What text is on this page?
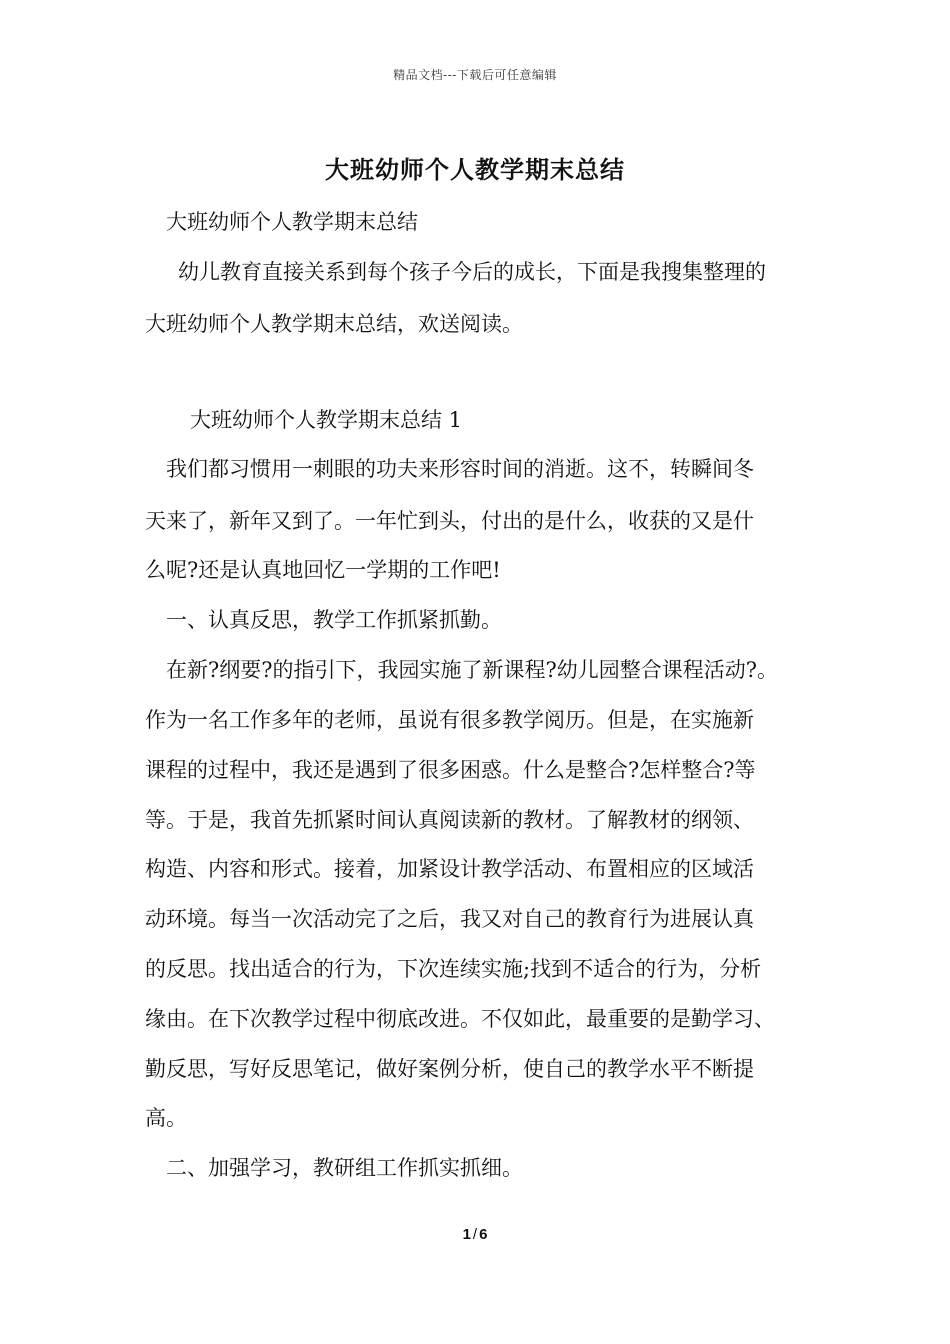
精品文档---下载后可任意编辑
大班幼师个人教学期末总结
大班幼师个人教学期末总结
幼儿教育直接关系到每个孩子今后的成长，下面是我搜集整理的
大班幼师个人教学期末总结，欢送阅读。
大班幼师个人教学期末总结 1
我们都习惯用一刺眼的功夫来形容时间的消逝。这不，转瞬间冬
天来了，新年又到了。一年忙到头，付出的是什么，收获的又是什
么呢?还是认真地回忆一学期的工作吧!
一、认真反思，教学工作抓紧抓勤。
在新?纲要?的指引下，我园实施了新课程?幼儿园整合课程活动?。
作为一名工作多年的老师，虽说有很多教学阅历。但是，在实施新
课程的过程中，我还是遇到了很多困惑。什么是整合?怎样整合?等
等。于是，我首先抓紧时间认真阅读新的教材。了解教材的纲领、
构造、内容和形式。接着，加紧设计教学活动、布置相应的区域活
动环境。每当一次活动完了之后，我又对自己的教育行为进展认真
的反思。找出适合的行为，下次连续实施;找到不适合的行为，分析
缘由。在下次教学过程中彻底改进。不仅如此，最重要的是勤学习、
勤反思，写好反思笔记，做好案例分析，使自己的教学水平不断提
高。
二、加强学习，教研组工作抓实抓细。
1 / 6
